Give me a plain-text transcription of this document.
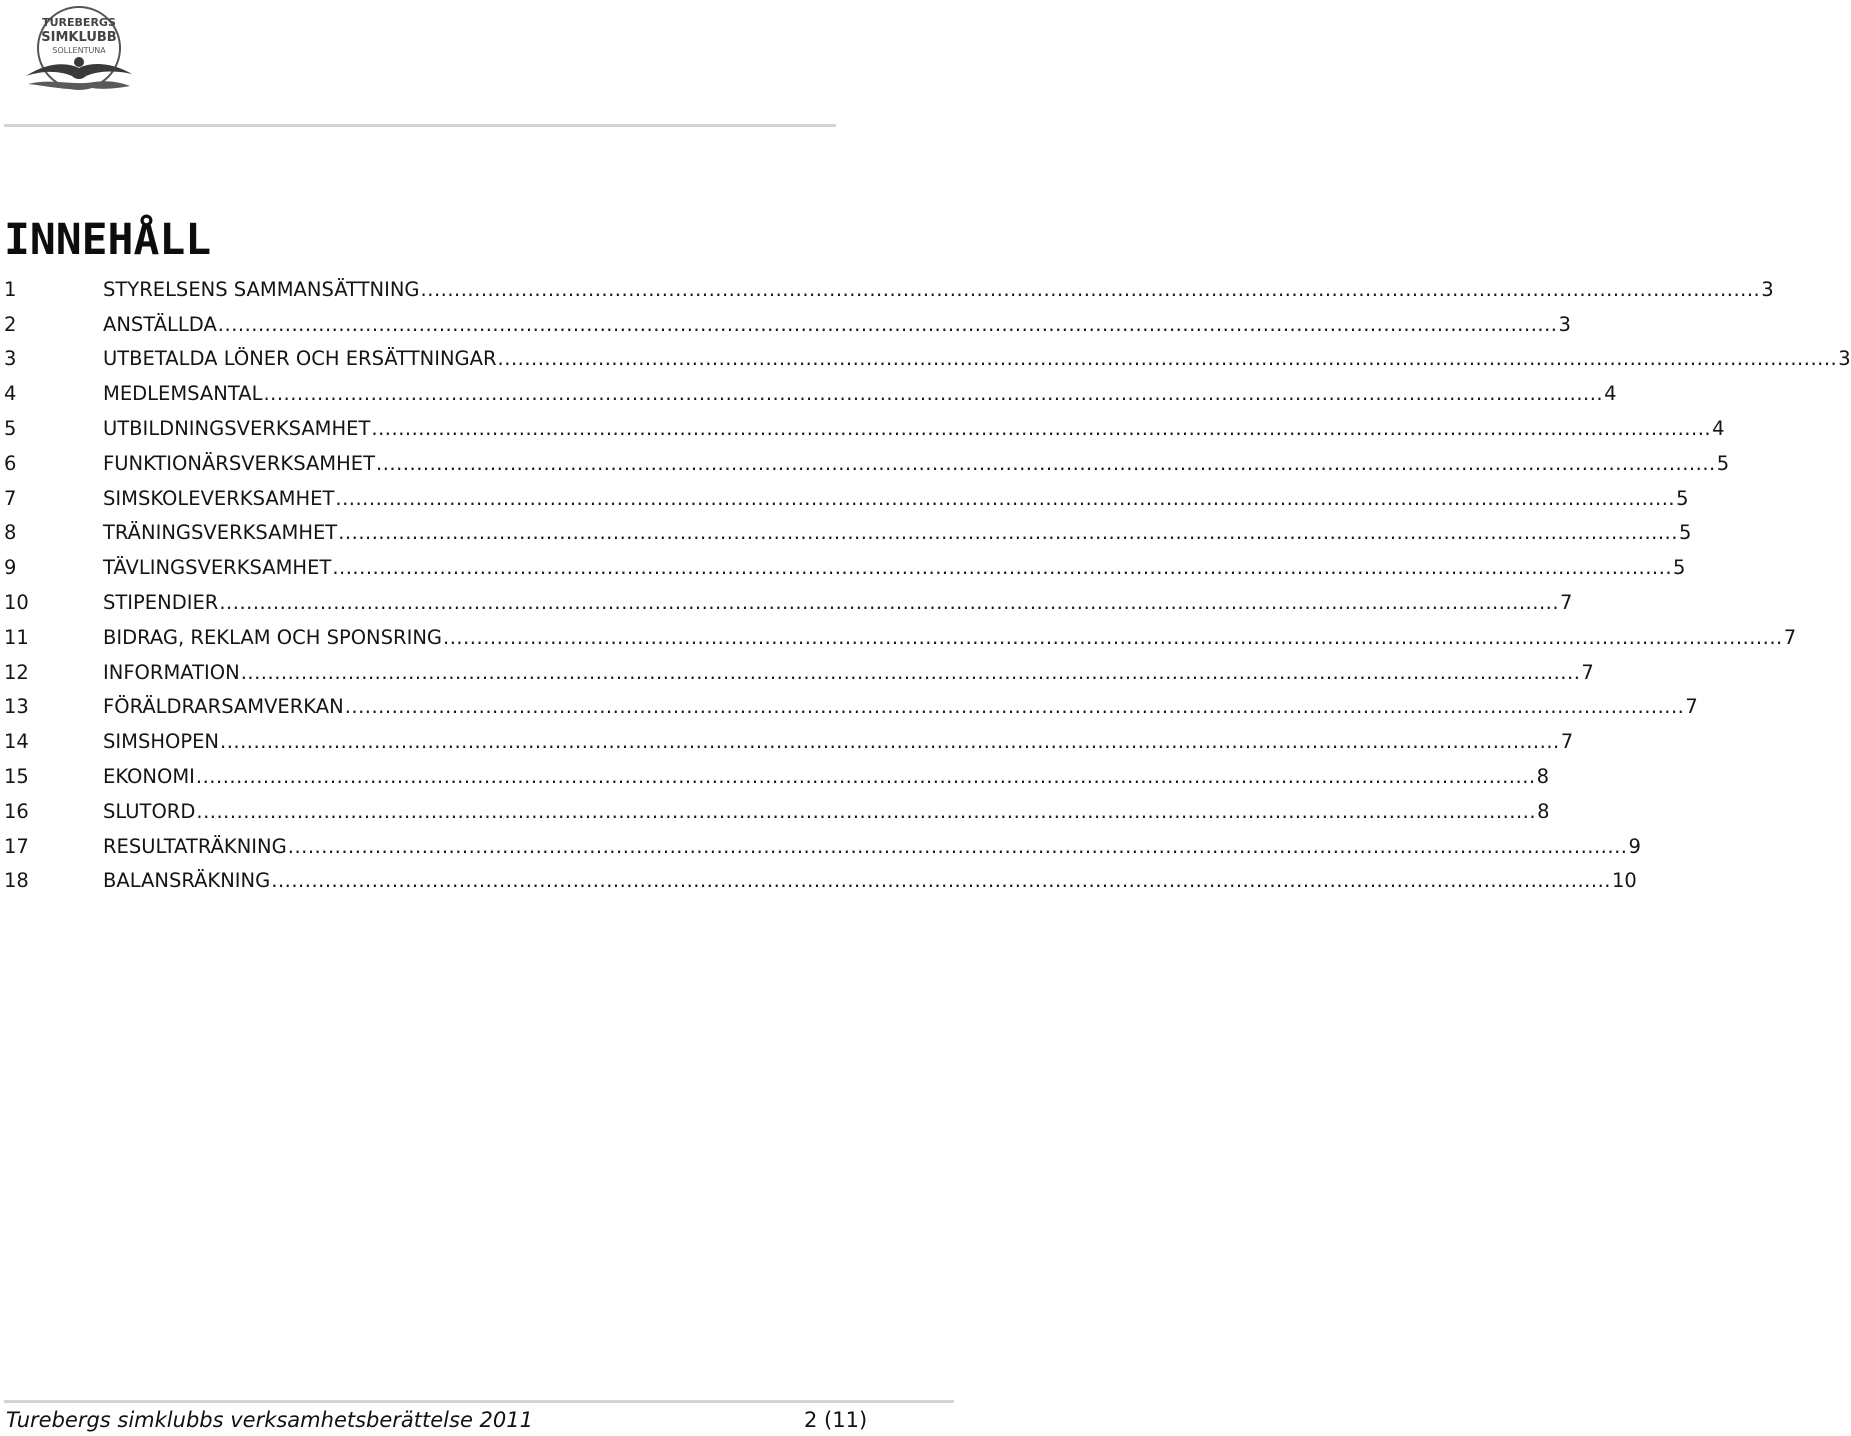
TUREBERGS
SIMKLUBB
SOLLENTUNA
INNEHÅLL
1	STYRELSENS SAMMANSÄTTNING ........................................................................................................................................................................................................ 3
2	ANSTÄLLDA ........................................................................................................................................................................................................ 3
3	UTBETALDA LÖNER OCH ERSÄTTNINGAR ........................................................................................................................................................................................................ 3
4	MEDLEMSANTAL ........................................................................................................................................................................................................ 4
5	UTBILDNINGSVERKSAMHET ........................................................................................................................................................................................................ 4
6	FUNKTIONÄRSVERKSAMHET ........................................................................................................................................................................................................ 5
7	SIMSKOLEVERKSAMHET ........................................................................................................................................................................................................ 5
8	TRÄNINGSVERKSAMHET ........................................................................................................................................................................................................ 5
9	TÄVLINGSVERKSAMHET ........................................................................................................................................................................................................ 5
10	STIPENDIER ........................................................................................................................................................................................................ 7
11	BIDRAG, REKLAM OCH SPONSRING ........................................................................................................................................................................................................ 7
12	INFORMATION ........................................................................................................................................................................................................ 7
13	FÖRÄLDRARSAMVERKAN ........................................................................................................................................................................................................ 7
14	SIMSHOPEN ........................................................................................................................................................................................................ 7
15	EKONOMI ........................................................................................................................................................................................................ 8
16	SLUTORD ........................................................................................................................................................................................................ 8
17	RESULTATRÄKNING ........................................................................................................................................................................................................ 9
18	BALANSRÄKNING ........................................................................................................................................................................................................ 10
Turebergs simklubbs verksamhetsberättelse 2011	2 (11)
